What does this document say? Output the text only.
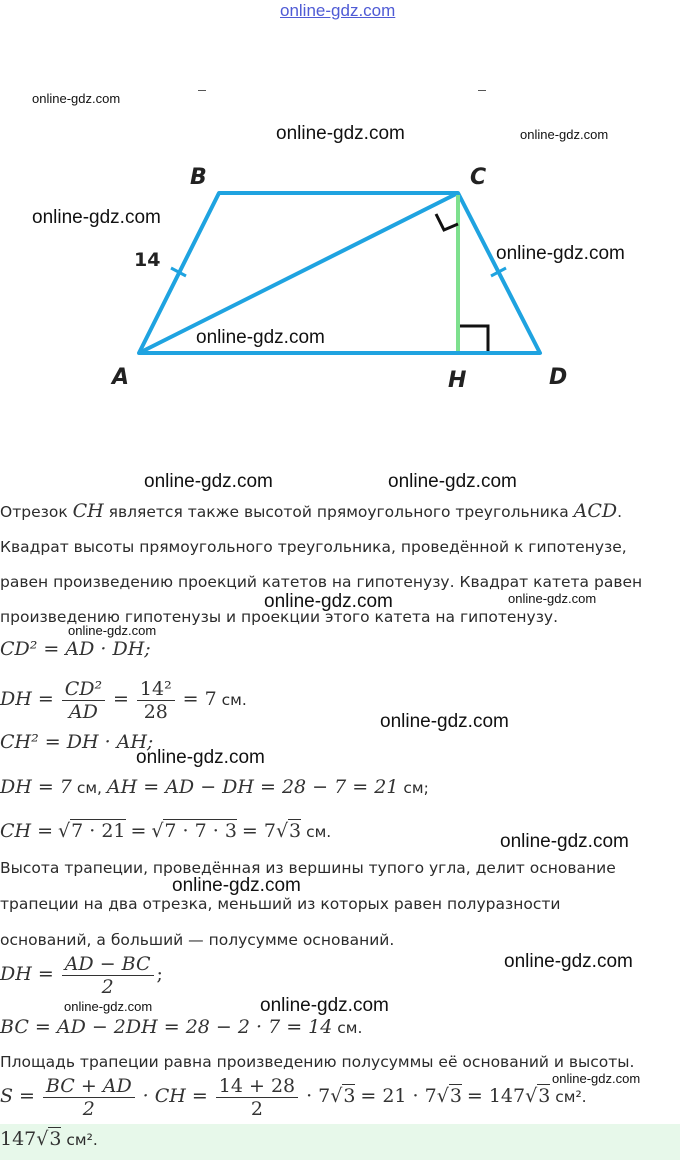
online-gdz.com
B	C
A	H	D
14
online-gdz.com
online-gdz.com	online-gdz.com
online-gdz.com
online-gdz.com
online-gdz.com
online-gdz.com	online-gdz.com
online-gdz.com	online-gdz.com
online-gdz.com
online-gdz.com
online-gdz.com
online-gdz.com
online-gdz.com
online-gdz.com
online-gdz.com	online-gdz.com
online-gdz.com
Отрезок CH является также высотой прямоугольного треугольника ACD.
Квадрат высоты прямоугольного треугольника, проведённой к гипотенузе,
равен произведению проекций катетов на гипотенузу. Квадрат катета равен
произведению гипотенузы и проекции этого катета на гипотенузу.
CD² = AD · DH;
DH = $\frac{\text{CD²}}{AD} = \frac{\text{14²}}{28} = 7$ см.
CH² = DH · AH;
DH = 7 см, AH = AD − DH = 28 − 7 = 21 см;
CH = √7 · 21 = √7 · 7 · 3 = 7√3 см.
Высота трапеции, проведённая из вершины тупого угла, делит основание
трапеции на два отрезка, меньший из которых равен полуразности
оснований, а больший — полусумме оснований.
DH = $\frac{AD - BC}{2}$ ;
BC = AD − 2DH = 28 − 2 · 7 = 14 см.
Площадь трапеции равна произведению полусуммы её оснований и высоты.
$S = \frac{BC + AD}{2}$ · CH = $\frac{14 + 28}{2} \cdot 7√3 = 21 \cdot 7√3 = 147√3$ см².
147√3 см².
